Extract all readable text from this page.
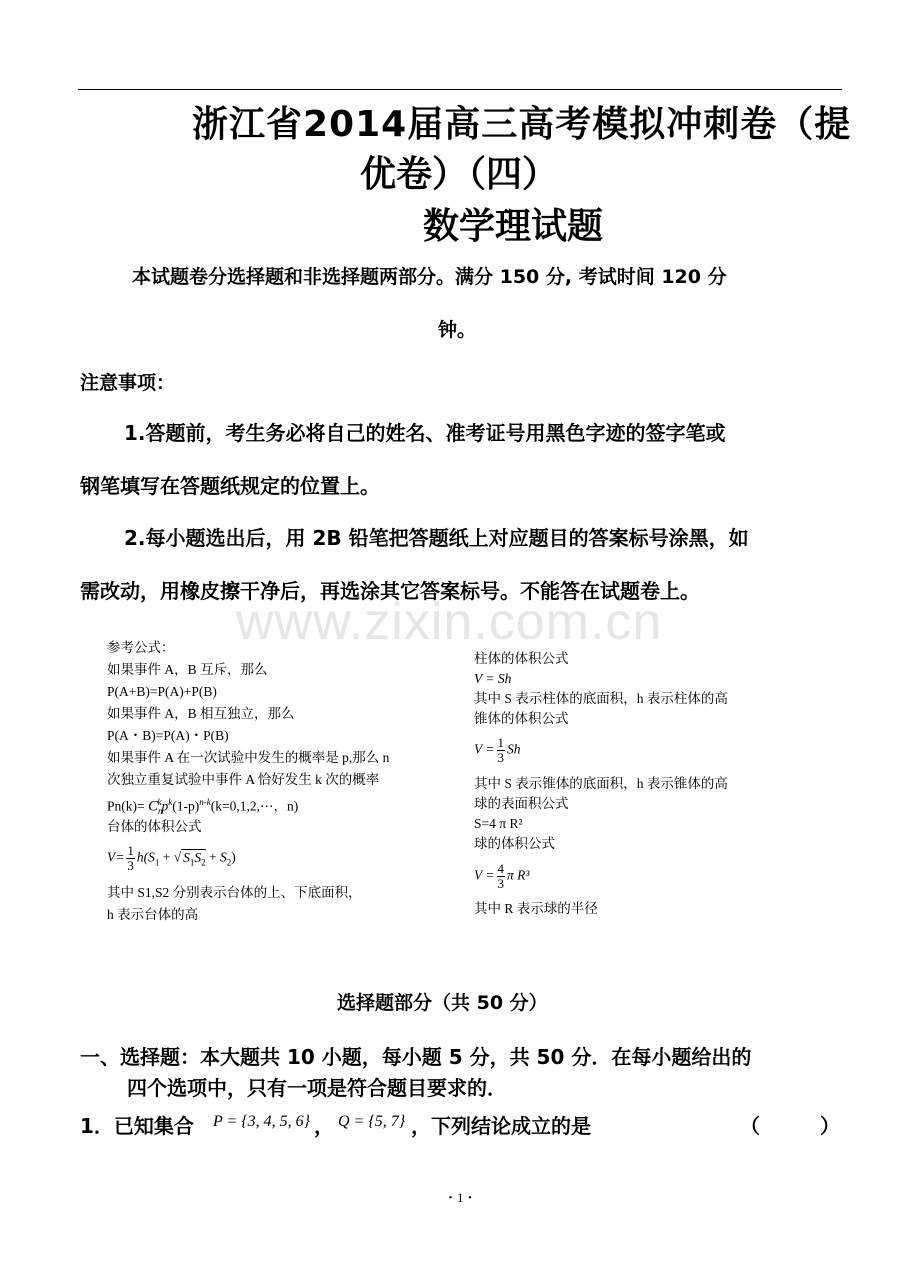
浙江省2014届高三高考模拟冲刺卷（提
优卷）（四）
数学理试题
本试题卷分选择题和非选择题两部分。满分 150 分, 考试时间 120 分
钟。
注意事项：
1.答题前，考生务必将自己的姓名、准考证号用黑色字迹的签字笔或
钢笔填写在答题纸规定的位置上。
2.每小题选出后，用 2B 铅笔把答题纸上对应题目的答案标号涂黑，如
需改动，用橡皮擦干净后，再选涂其它答案标号。不能答在试题卷上。
www.zixin.com.cn
参考公式：
如果事件 A，B 互斥，那么
P(A+B)=P(A)+P(B)
如果事件 A，B 相互独立，那么
P(A・B)=P(A)・P(B)
如果事件 A 在一次试验中发生的概率是 p,那么 n
次独立重复试验中事件 A 恰好发生 k 次的概率
$Pn(k)= C_n^kp^k(1-p)^{n-k}(k=0,1,2,\cdots$，n)
台体的体积公式
$V= \frac{1}{3} h(S_1$ + √ $S_1S_2 + S_2$)
其中 S1,S2 分别表示台体的上、下底面积，
h 表示台体的高
柱体的体积公式
V = Sh
其中 S 表示柱体的底面积，h 表示柱体的高
锥体的体积公式
$V = \frac{1}{3}$ Sh
其中 S 表示锥体的底面积，h 表示锥体的高
球的表面积公式
S=4 π R²
球的体积公式
$V = \frac{4}{3}$ π R³
其中 R 表示球的半径
选择题部分（共 50 分）
一、选择题：本大题共 10 小题，每小题 5 分，共 50 分．在每小题给出的
四个选项中，只有一项是符合题目要求的．
1．已知集合 P = {3, 4, 5, 6} ， Q = {5, 7} ，下列结论成立的是	（　　　）
・1・
